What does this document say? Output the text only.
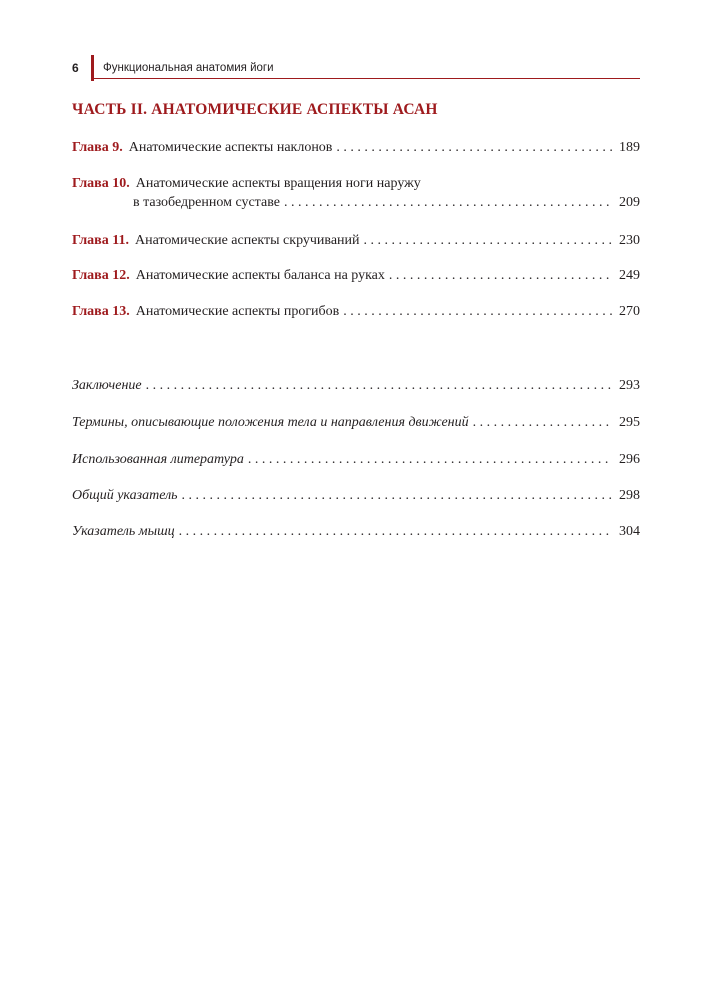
6 Функциональная анатомия йоги
ЧАСТЬ II. АНАТОМИЧЕСКИЕ АСПЕКТЫ АСАН
Глава 9. Анатомические аспекты наклонов . . .	189
Глава 10. Анатомические аспекты вращения ноги наружу
в тазобедренном суставе . . .	209
Глава 11. Анатомические аспекты скручиваний . . .	230
Глава 12. Анатомические аспекты баланса на руках . . .	249
Глава 13. Анатомические аспекты прогибов . . .	270
Заключение . . .	293
Термины, описывающие положения тела и направления движений . . .	295
Использованная литература . . .	296
Общий указатель . . .	298
Указатель мышц . . .	304
